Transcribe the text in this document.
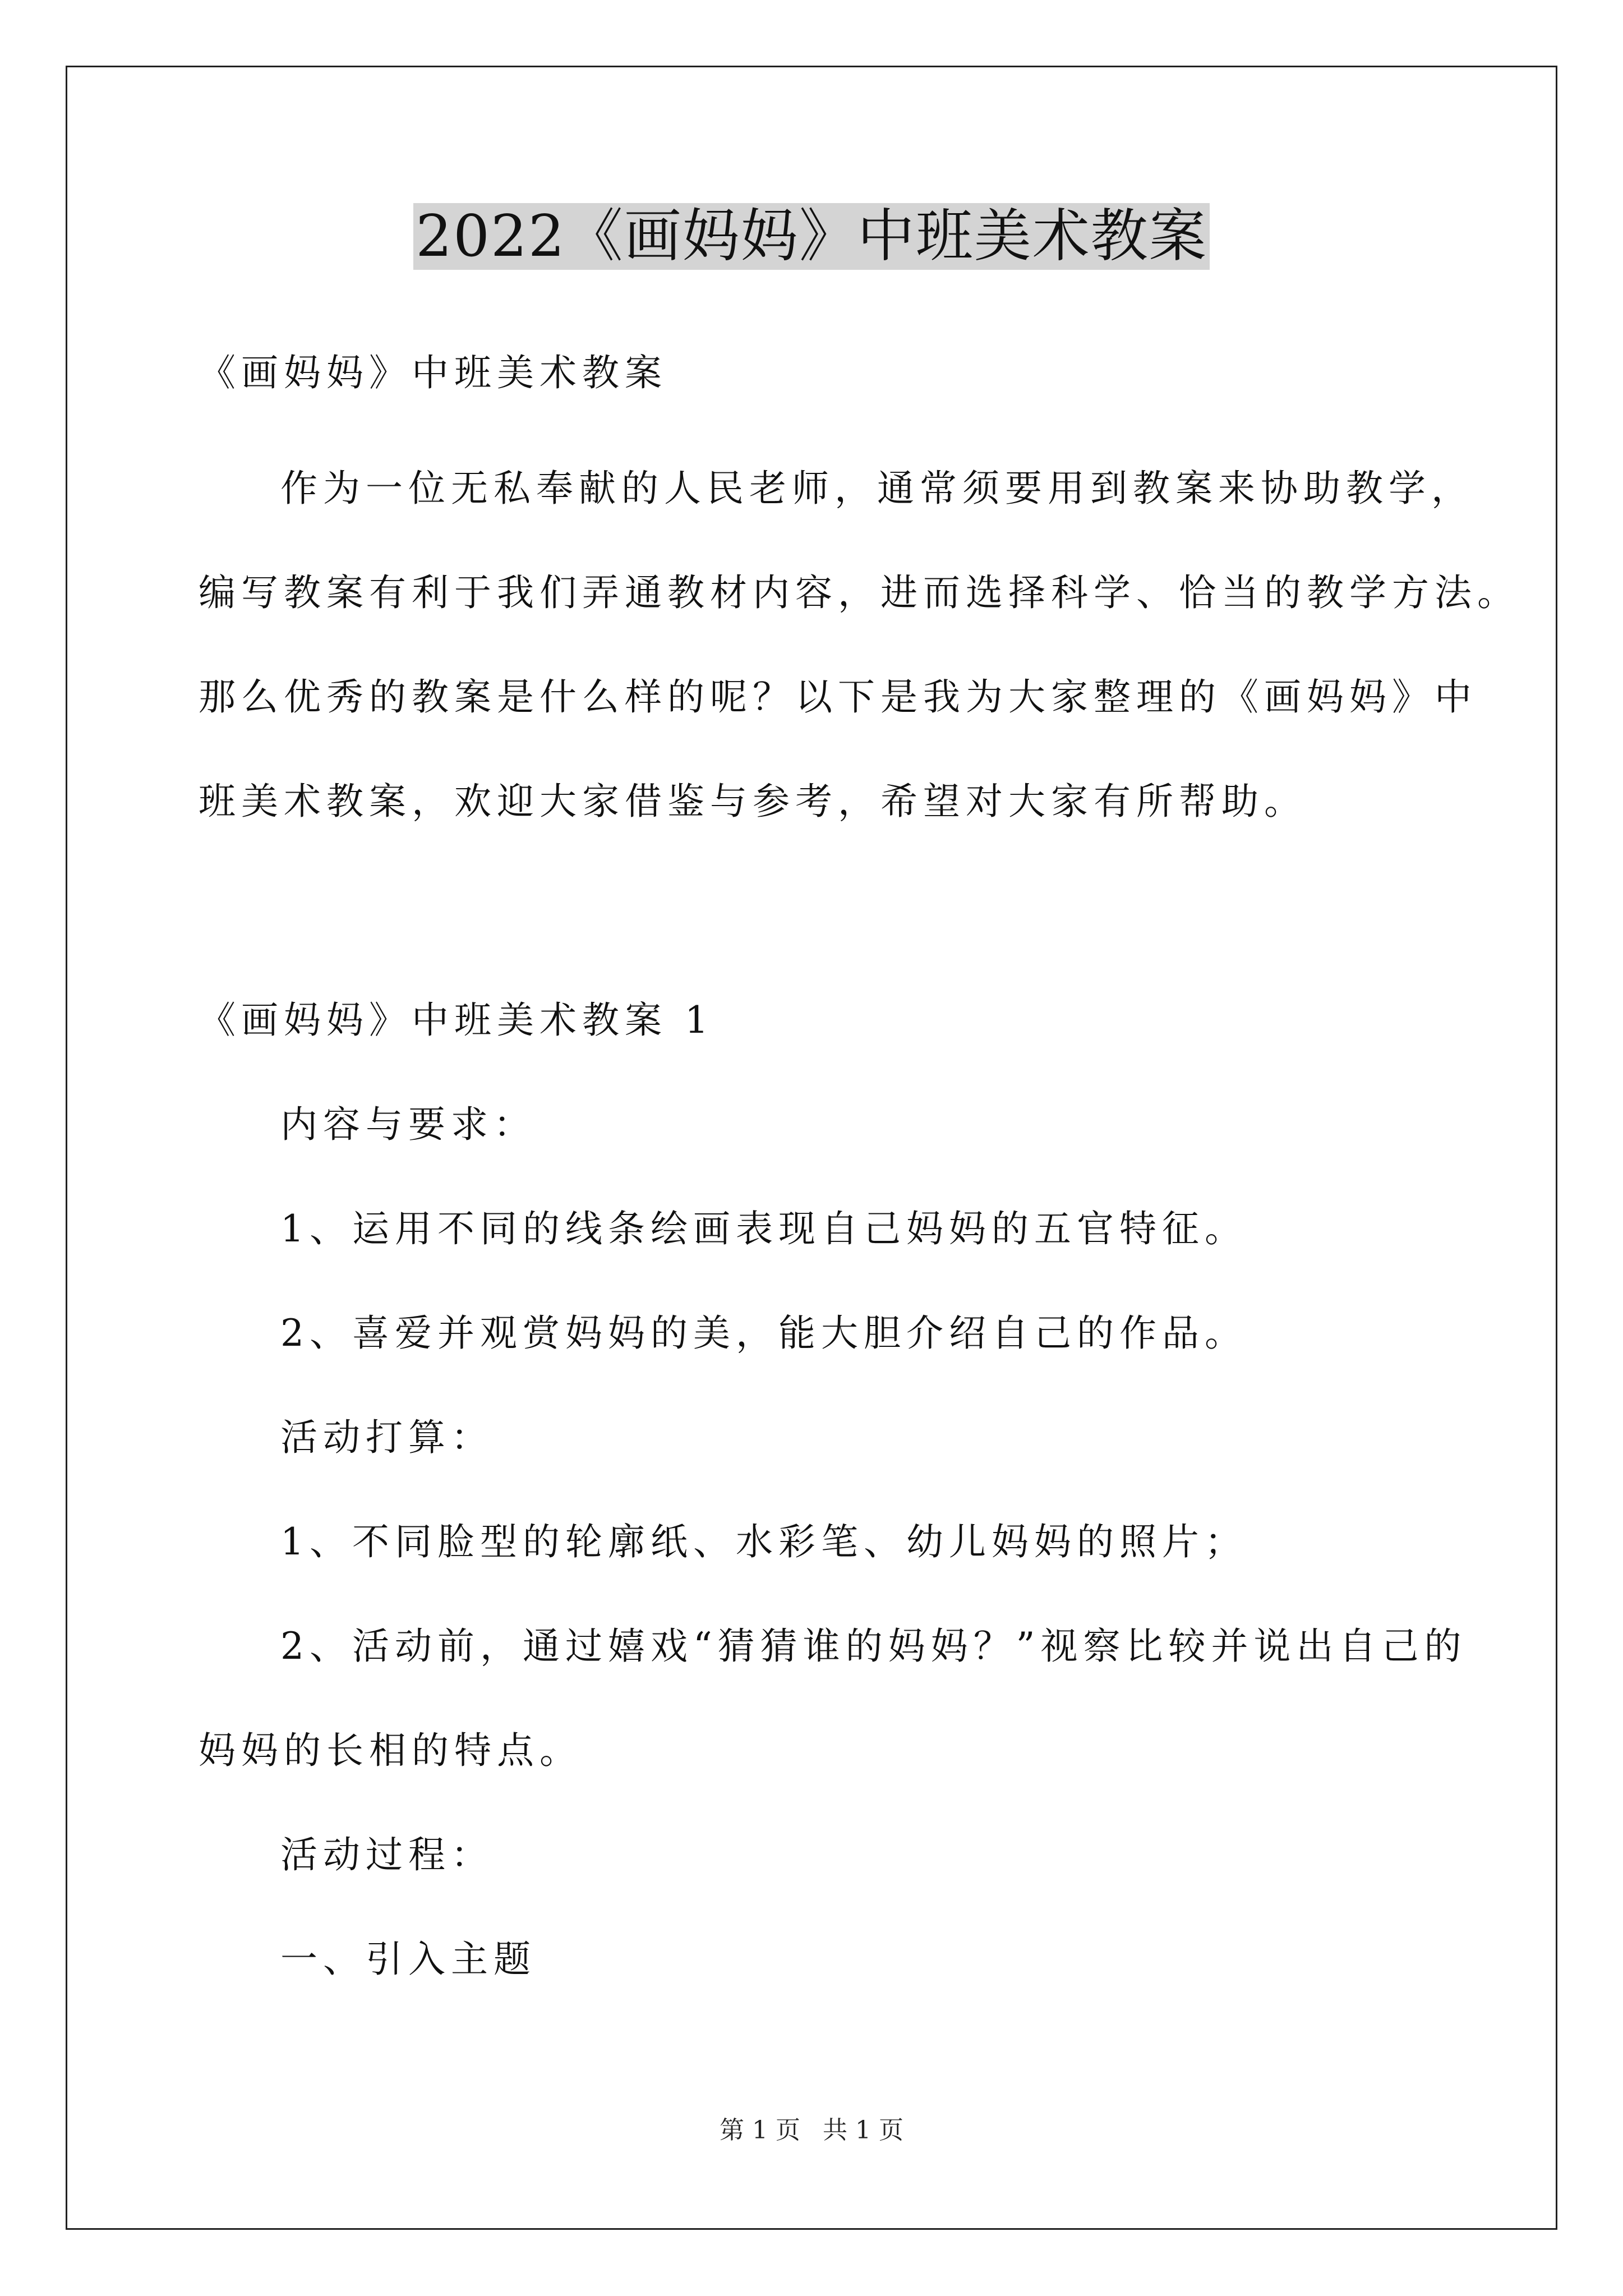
2022《画妈妈》中班美术教案

《画妈妈》中班美术教案

作为一位无私奉献的人民老师，通常须要用到教案来协助教学，

编写教案有利于我们弄通教材内容，进而选择科学、恰当的教学方法。

那么优秀的教案是什么样的呢？以下是我为大家整理的《画妈妈》中

班美术教案，欢迎大家借鉴与参考，希望对大家有所帮助。

《画妈妈》中班美术教案 1

内容与要求：

1、运用不同的线条绘画表现自己妈妈的五官特征。

2、喜爱并观赏妈妈的美，能大胆介绍自己的作品。

活动打算：

1、不同脸型的轮廓纸、水彩笔、幼儿妈妈的照片；

2、活动前，通过嬉戏“猜猜谁的妈妈？”视察比较并说出自己的

妈妈的长相的特点。

活动过程：

一、引入主题

第 1 页 共 1 页
